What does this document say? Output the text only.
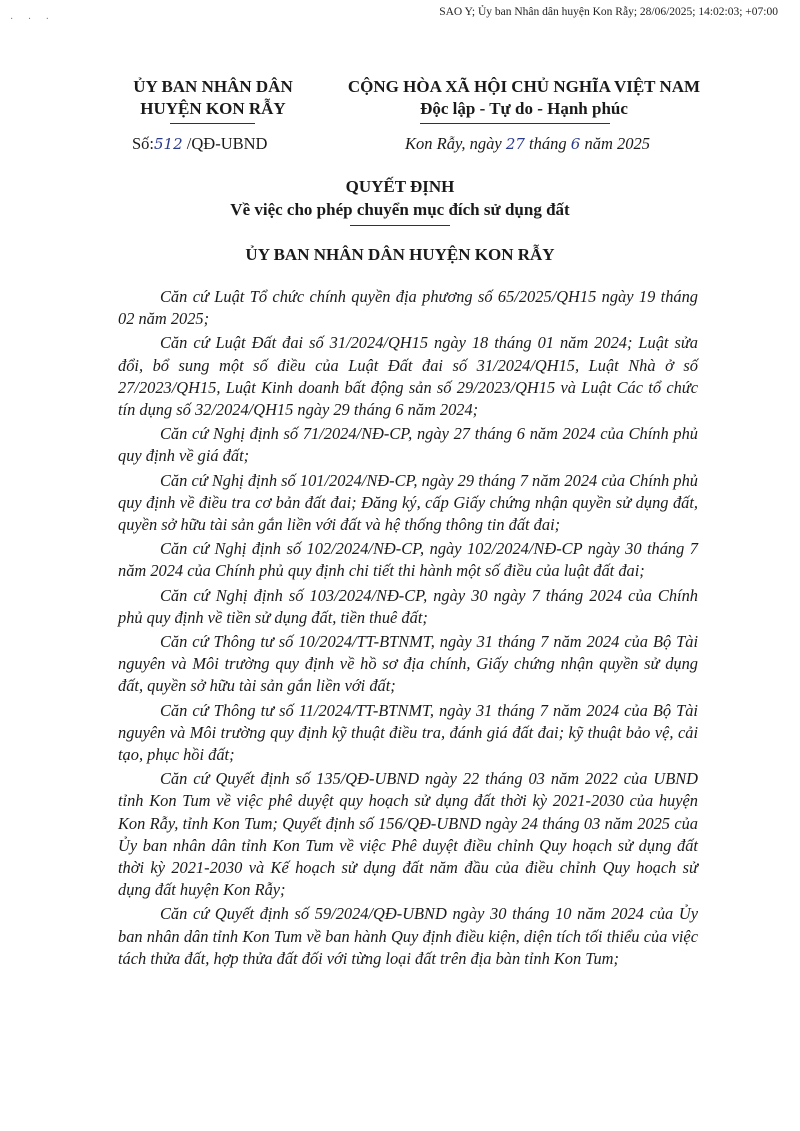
· · ·
SAO Y; Ủy ban Nhân dân huyện Kon Rẫy; 28/06/2025; 14:02:03; +07:00
ỦY BAN NHÂN DÂN
HUYỆN KON RẪY
CỘNG HÒA XÃ HỘI CHỦ NGHĨA VIỆT NAM
Độc lập - Tự do - Hạnh phúc
Số:512 /QĐ-UBND	Kon Rẫy, ngày 27 tháng 6 năm 2025
QUYẾT ĐỊNH
Về việc cho phép chuyển mục đích sử dụng đất
ỦY BAN NHÂN DÂN HUYỆN KON RẪY

Căn cứ Luật Tổ chức chính quyền địa phương số 65/2025/QH15 ngày 19 tháng 02 năm 2025;

Căn cứ Luật Đất đai số 31/2024/QH15 ngày 18 tháng 01 năm 2024; Luật sửa đổi, bổ sung một số điều của Luật Đất đai số 31/2024/QH15, Luật Nhà ở số 27/2023/QH15, Luật Kinh doanh bất động sản số 29/2023/QH15 và Luật Các tổ chức tín dụng số 32/2024/QH15 ngày 29 tháng 6 năm 2024;

Căn cứ Nghị định số 71/2024/NĐ-CP, ngày 27 tháng 6 năm 2024 của Chính phủ quy định về giá đất;

Căn cứ Nghị định số 101/2024/NĐ-CP, ngày 29 tháng 7 năm 2024 của Chính phủ quy định về điều tra cơ bản đất đai; Đăng ký, cấp Giấy chứng nhận quyền sử dụng đất, quyền sở hữu tài sản gắn liền với đất và hệ thống thông tin đất đai;

Căn cứ Nghị định số 102/2024/NĐ-CP, ngày 102/2024/NĐ-CP ngày 30 tháng 7 năm 2024 của Chính phủ quy định chi tiết thi hành một số điều của luật đất đai;

Căn cứ Nghị định số 103/2024/NĐ-CP, ngày 30 ngày 7 tháng 2024 của Chính phủ quy định về tiền sử dụng đất, tiền thuê đất;

Căn cứ Thông tư số 10/2024/TT-BTNMT, ngày 31 tháng 7 năm 2024 của Bộ Tài nguyên và Môi trường quy định về hồ sơ địa chính, Giấy chứng nhận quyền sử dụng đất, quyền sở hữu tài sản gắn liền với đất;

Căn cứ Thông tư số 11/2024/TT-BTNMT, ngày 31 tháng 7 năm 2024 của Bộ Tài nguyên và Môi trường quy định kỹ thuật điều tra, đánh giá đất đai; kỹ thuật bảo vệ, cải tạo, phục hồi đất;

Căn cứ Quyết định số 135/QĐ-UBND ngày 22 tháng 03 năm 2022 của UBND tỉnh Kon Tum về việc phê duyệt quy hoạch sử dụng đất thời kỳ 2021-2030 của huyện Kon Rẫy, tỉnh Kon Tum; Quyết định số 156/QĐ-UBND ngày 24 tháng 03 năm 2025 của Ủy ban nhân dân tỉnh Kon Tum về việc Phê duyệt điều chỉnh Quy hoạch sử dụng đất thời kỳ 2021-2030 và Kế hoạch sử dụng đất năm đầu của điều chỉnh Quy hoạch sử dụng đất huyện Kon Rẫy;

Căn cứ Quyết định số 59/2024/QĐ-UBND ngày 30 tháng 10 năm 2024 của Ủy ban nhân dân tỉnh Kon Tum về ban hành Quy định điều kiện, diện tích tối thiểu của việc tách thửa đất, hợp thửa đất đối với từng loại đất trên địa bàn tỉnh Kon Tum;
